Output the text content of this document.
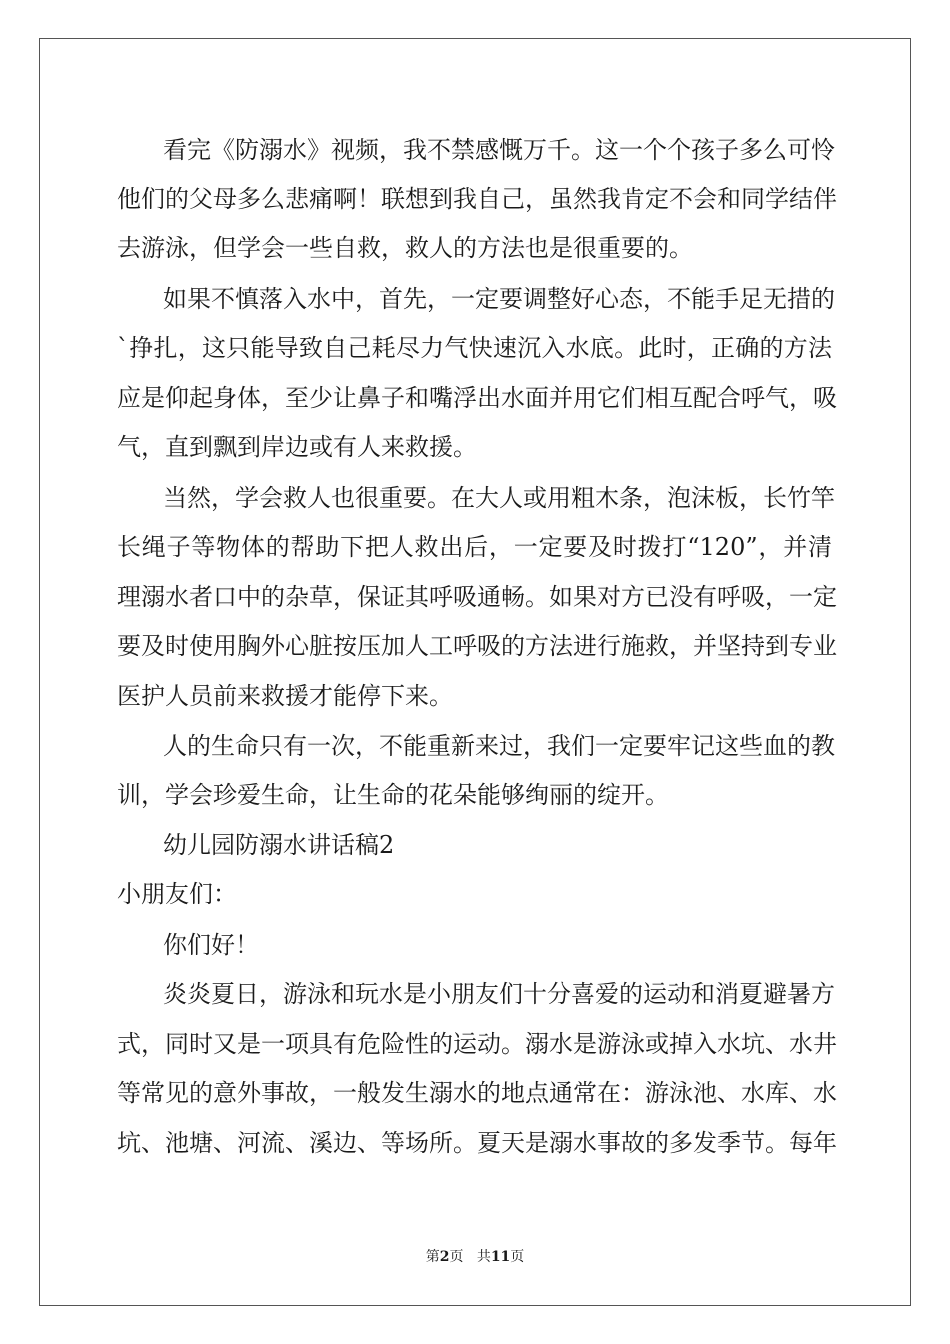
看完《防溺水》视频，我不禁感慨万千。这一个个孩子多么可怜
他们的父母多么悲痛啊！联想到我自己，虽然我肯定不会和同学结伴
去游泳，但学会一些自救，救人的方法也是很重要的。
如果不慎落入水中，首先，一定要调整好心态，不能手足无措的
`挣扎，这只能导致自己耗尽力气快速沉入水底。此时，正确的方法
应是仰起身体，至少让鼻子和嘴浮出水面并用它们相互配合呼气，吸
气，直到飘到岸边或有人来救援。
当然，学会救人也很重要。在大人或用粗木条，泡沫板，长竹竿
长绳子等物体的帮助下把人救出后，一定要及时拨打“120”，并清
理溺水者口中的杂草，保证其呼吸通畅。如果对方已没有呼吸，一定
要及时使用胸外心脏按压加人工呼吸的方法进行施救，并坚持到专业
医护人员前来救援才能停下来。
人的生命只有一次，不能重新来过，我们一定要牢记这些血的教
训，学会珍爱生命，让生命的花朵能够绚丽的绽开。
幼儿园防溺水讲话稿2
小朋友们：
你们好！
炎炎夏日，游泳和玩水是小朋友们十分喜爱的运动和消夏避暑方
式，同时又是一项具有危险性的运动。溺水是游泳或掉入水坑、水井
等常见的意外事故，一般发生溺水的地点通常在：游泳池、水库、水
坑、池塘、河流、溪边、等场所。夏天是溺水事故的多发季节。每年
第2页 共11页
